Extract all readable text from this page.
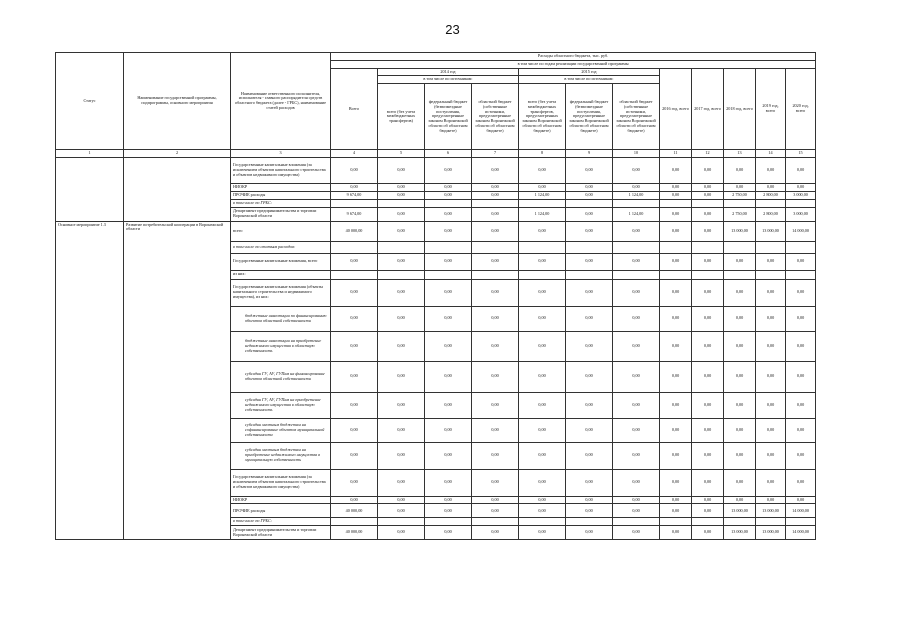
23
Статус	Наименование государственной программы, подпрограммы, основного мероприятия	Наименование ответственного исполнителя, исполнителя - главного распорядителя средств областного бюджета (далее - ГРБС), наименование статей расходов	Расходы областного бюджета, тыс. руб.											
			в том числе по годам реализации государственной программы											
			Всего	2014 год			2015 год			2016 год, всего	2017 год, всего	2018 год, всего	2019 год, всего	2020 год, всего
				в том числе по источникам:			в том числе по источникам:							
				всего (без учета межбюджетных трансфертов)	федеральный бюджет (безвозмездные поступления, предусмотренные законом Воронежской области об областном бюджете)	областной бюджет (собственные источники, предусмотренные законом Воронежской области об областном бюджете)	всего (без учета межбюджетных трансфертов, предусмотренных законом Воронежской области об областном бюджете)	федеральный бюджет (безвозмездные поступления, предусмотренные законом Воронежской области об областном бюджете)	областной бюджет (собственные источники, предусмотренные законом Воронежской области об областном бюджете)					
1	2	3	4	5	6	7	8	9	10	11	12	13	14	15
		Государственные капитальные вложения (за исключением объектов капитального строительства и объектов недвижимого имущества)	0,00	0,00	0,00	0,00	0,00	0,00	0,00	0,00	0,00	0,00	0,00	0,00
		НИОКР	0,00	0,00	0,00	0,00	0,00	0,00	0,00	0,00	0,00	0,00	0,00	0,00
		ПРОЧИЕ расходы	9 674,00	0,00	0,00	0,00	1 124,00	0,00	1 124,00	0,00	0,00	2 750,00	2 800,00	3 000,00
		в том числе по ГРБС:												
		Департамент предпринимательства и торговли Воронежской области	9 674,00	0,00	0,00	0,00	1 124,00	0,00	1 124,00	0,00	0,00	2 750,00	2 800,00	3 000,00
Основное мероприятие 1.3	Развитие потребительской кооперации в Воронежской области	всего	40 000,00	0,00	0,00	0,00	0,00	0,00	0,00	0,00	0,00	13 000,00	13 000,00	14 000,00
		в том числе по статьям расходов:												
		Государственные капитальные вложения, всего	0,00	0,00	0,00	0,00	0,00	0,00	0,00	0,00	0,00	0,00	0,00	0,00
		из них:												
		Государственные капитальные вложения (объекты капитального строительства и недвижимого имущества), из них:	0,00	0,00	0,00	0,00	0,00	0,00	0,00	0,00	0,00	0,00	0,00	0,00
		бюджетные инвестиции по финансированию объектов областной собственности	0,00	0,00	0,00	0,00	0,00	0,00	0,00	0,00	0,00	0,00	0,00	0,00
		бюджетные инвестиции на приобретение недвижимого имущества в областную собственность	0,00	0,00	0,00	0,00	0,00	0,00	0,00	0,00	0,00	0,00	0,00	0,00
		субсидии ГУ, АУ, ГУПам на финансирование объектов областной собственности	0,00	0,00	0,00	0,00	0,00	0,00	0,00	0,00	0,00	0,00	0,00	0,00
		субсидии ГУ, АУ, ГУПам на приобретение недвижимого имущества в областную собственность	0,00	0,00	0,00	0,00	0,00	0,00	0,00	0,00	0,00	0,00	0,00	0,00
		субсидии местным бюджетам на софинансирование объектов муниципальной собственности	0,00	0,00	0,00	0,00	0,00	0,00	0,00	0,00	0,00	0,00	0,00	0,00
		субсидии местным бюджетам на приобретение недвижимого имущества в муниципальную собственность	0,00	0,00	0,00	0,00	0,00	0,00	0,00	0,00	0,00	0,00	0,00	0,00
		Государственные капитальные вложения (за исключением объектов капитального строительства и объектов недвижимого имущества)	0,00	0,00	0,00	0,00	0,00	0,00	0,00	0,00	0,00	0,00	0,00	0,00
		НИОКР	0,00	0,00	0,00	0,00	0,00	0,00	0,00	0,00	0,00	0,00	0,00	0,00
		ПРОЧИЕ расходы	40 000,00	0,00	0,00	0,00	0,00	0,00	0,00	0,00	0,00	13 000,00	13 000,00	14 000,00
		в том числе по ГРБС:												
		Департамент предпринимательства и торговли Воронежской области	40 000,00	0,00	0,00	0,00	0,00	0,00	0,00	0,00	0,00	13 000,00	13 000,00	14 000,00
